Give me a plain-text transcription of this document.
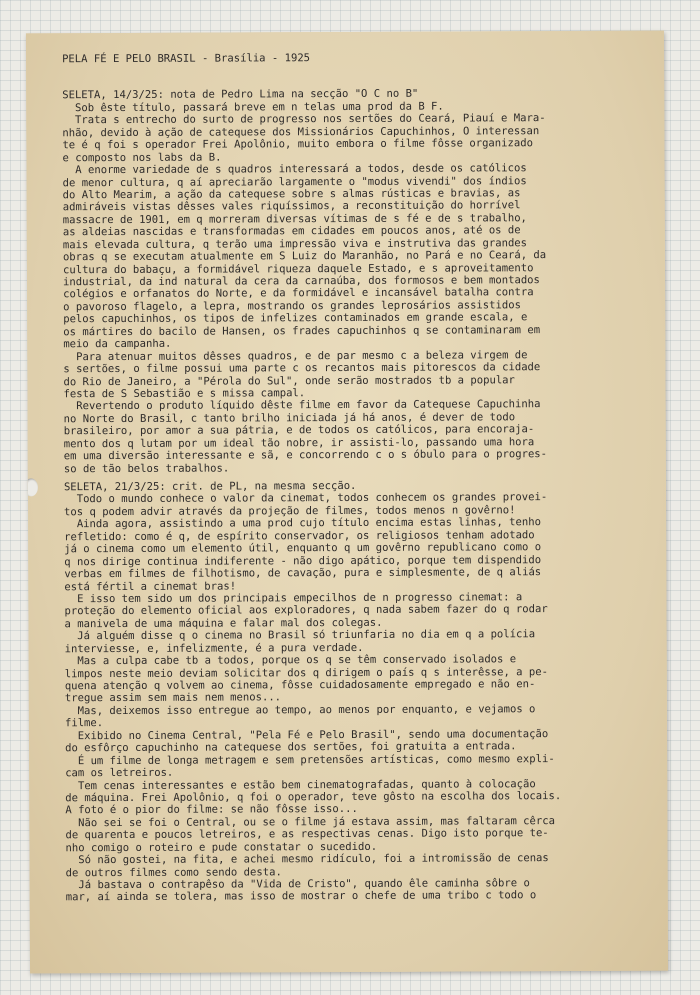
PELA FÉ E PELO BRASIL - Brasília - 1925
SELETA, 14/3/25: nota de Pedro Lima na secção "O C no B"
Sob êste título, passará breve em n telas uma prod da B F.
Trata s entrecho do surto de progresso nos sertões do Ceará, Piauí e Mara-
nhão, devido à ação de catequese dos Missionários Capuchinhos, O interessan
te é q foi s operador Frei Apolônio, muito embora o filme fôsse organizado
e composto nos labs da B.
A enorme variedade de s quadros interessará a todos, desde os católicos
de menor cultura, q aí apreciarão largamente o "modus vivendi" dos índios
do Alto Mearim, a ação da catequese sobre s almas rústicas e bravias, as
admiráveis vistas dêsses vales riquíssimos, a reconstituição do horrível
massacre de 1901, em q morreram diversas vítimas de s fé e de s trabalho,
as aldeias nascidas e transformadas em cidades em poucos anos, até os de
mais elevada cultura, q terão uma impressão viva e instrutiva das grandes
obras q se executam atualmente em S Luiz do Maranhão, no Pará e no Ceará, da
cultura do babaçu, a formidável riqueza daquele Estado, e s aproveitamento
industrial, da ind natural da cera da carnaúba, dos formosos e bem montados
colégios e orfanatos do Norte, e da formidável e incansável batalha contra
o pavoroso flagelo, a lepra, mostrando os grandes leprosários assistidos
pelos capuchinhos, os tipos de infelizes contaminados em grande escala, e
os mártires do bacilo de Hansen, os frades capuchinhos q se contaminaram em
meio da campanha.
Para atenuar muitos dêsses quadros, e de par mesmo c a beleza virgem de
s sertões, o filme possui uma parte c os recantos mais pitorescos da cidade
do Rio de Janeiro, a "Pérola do Sul", onde serão mostrados tb a popular
festa de S Sebastião e s missa campal.
Revertendo o produto líquido dêste filme em favor da Catequese Capuchinha
no Norte do Brasil, c tanto brilho iniciada já há anos, é dever de todo
brasileiro, por amor a sua pátria, e de todos os católicos, para encoraja-
mento dos q lutam por um ideal tão nobre, ir assisti-lo, passando uma hora
em uma diversão interessante e sã, e concorrendo c o s óbulo para o progres-
so de tão belos trabalhos.
SELETA, 21/3/25: crit. de PL, na mesma secção.
Todo o mundo conhece o valor da cinemat, todos conhecem os grandes provei-
tos q podem advir através da projeção de filmes, todos menos n govêrno!
Ainda agora, assistindo a uma prod cujo título encima estas linhas, tenho
refletido: como é q, de espírito conservador, os religiosos tenham adotado
já o cinema como um elemento útil, enquanto q um govêrno republicano como o
q nos dirige continua indiferente - não digo apático, porque tem dispendido
verbas em filmes de filhotismo, de cavação, pura e simplesmente, de q aliás
está fértil a cinemat bras!
E isso tem sido um dos principais empecilhos de n progresso cinemat: a
proteção do elemento oficial aos exploradores, q nada sabem fazer do q rodar
a manivela de uma máquina e falar mal dos colegas.
Já alguém disse q o cinema no Brasil só triunfaria no dia em q a polícia
interviesse, e, infelizmente, é a pura verdade.
Mas a culpa cabe tb a todos, porque os q se têm conservado isolados e
limpos neste meio deviam solicitar dos q dirigem o país q s interêsse, a pe-
quena atenção q volvem ao cinema, fôsse cuidadosamente empregado e não en-
tregue assim sem mais nem menos...
Mas, deixemos isso entregue ao tempo, ao menos por enquanto, e vejamos o
filme.
Exibido no Cinema Central, "Pela Fé e Pelo Brasil", sendo uma documentação
do esfôrço capuchinho na catequese dos sertões, foi gratuita a entrada.
É um filme de longa metragem e sem pretensões artísticas, como mesmo expli-
cam os letreiros.
Tem cenas interessantes e estão bem cinematografadas, quanto à colocação
de máquina. Frei Apolônio, q foi o operador, teve gôsto na escolha dos locais.
A foto é o pior do filme: se não fôsse isso...
Não sei se foi o Central, ou se o filme já estava assim, mas faltaram cêrca
de quarenta e poucos letreiros, e as respectivas cenas. Digo isto porque te-
nho comigo o roteiro e pude constatar o sucedido.
Só não gostei, na fita, e achei mesmo ridículo, foi a intromissão de cenas
de outros filmes como sendo desta.
Já bastava o contrapêso da "Vida de Cristo", quando êle caminha sôbre o
mar, aí ainda se tolera, mas isso de mostrar o chefe de uma tribo c todo o
